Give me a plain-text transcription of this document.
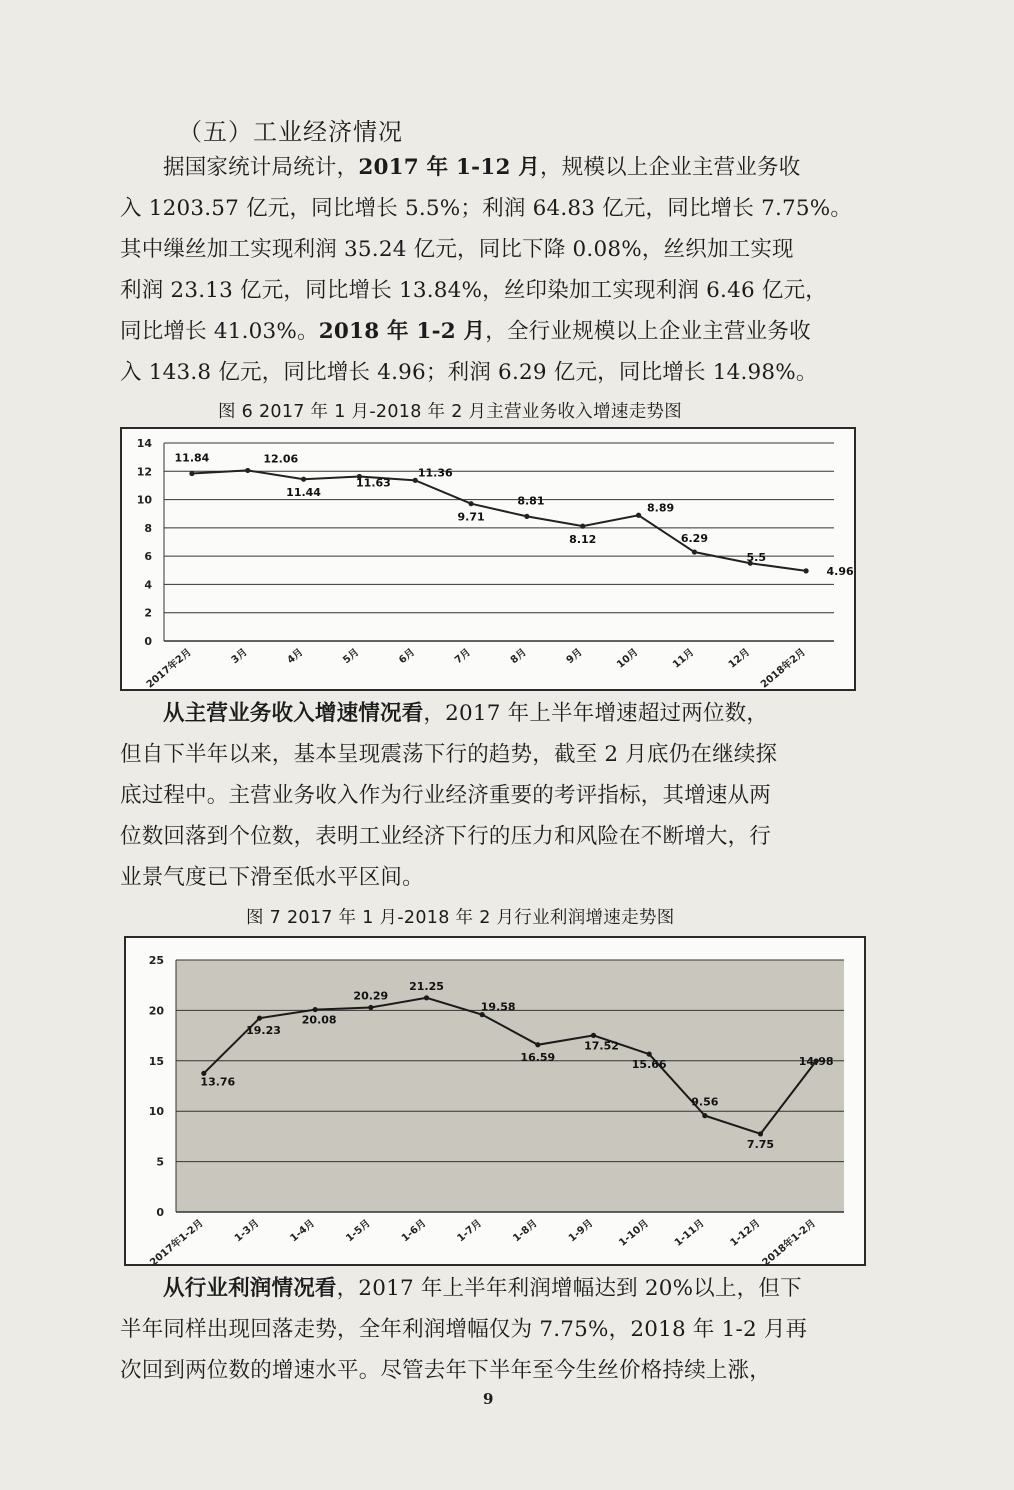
（五）工业经济情况

据国家统计局统计，2017 年 1-12 月，规模以上企业主营业务收
入 1203.57 亿元，同比增长 5.5%；利润 64.83 亿元，同比增长 7.75%。
其中缫丝加工实现利润 35.24 亿元，同比下降 0.08%，丝织加工实现
利润 23.13 亿元，同比增长 13.84%，丝印染加工实现利润 6.46 亿元，
同比增长 41.03%。2018 年 1-2 月，全行业规模以上企业主营业务收
入 143.8 亿元，同比增长 4.96；利润 6.29 亿元，同比增长 14.98%。

图 6 2017 年 1 月-2018 年 2 月主营业务收入增速走势图
0
2
4
6
8
10
12
14
11.84	12.06
11.44
11.63
11.36
9.71
8.81
8.12
8.89
6.29
5.5
4.96
2017年2月	3月	4月	5月	6月	7月	8月	9月	10月	11月	12月 2018年2月

从主营业务收入增速情况看，2017 年上半年增速超过两位数，
但自下半年以来，基本呈现震荡下行的趋势，截至 2 月底仍在继续探
底过程中。主营业务收入作为行业经济重要的考评指标，其增速从两
位数回落到个位数，表明工业经济下行的压力和风险在不断增大，行
业景气度已下滑至低水平区间。

图 7 2017 年 1 月-2018 年 2 月行业利润增速走势图
0
5
10
15
20
25
13.76
19.23
20.08
20.29
21.25
19.58
16.59
17.52
15.66
9.56
7.75
14.98
2017年1-2月	1-3月	1-4月	1-5月	1-6月	1-7月	1-8月	1-9月 1-10月 1-11月 1-12月
2018年1-2月

从行业利润情况看，2017 年上半年利润增幅达到 20%以上，但下
半年同样出现回落走势，全年利润增幅仅为 7.75%，2018 年 1-2 月再
次回到两位数的增速水平。尽管去年下半年至今生丝价格持续上涨，

9
